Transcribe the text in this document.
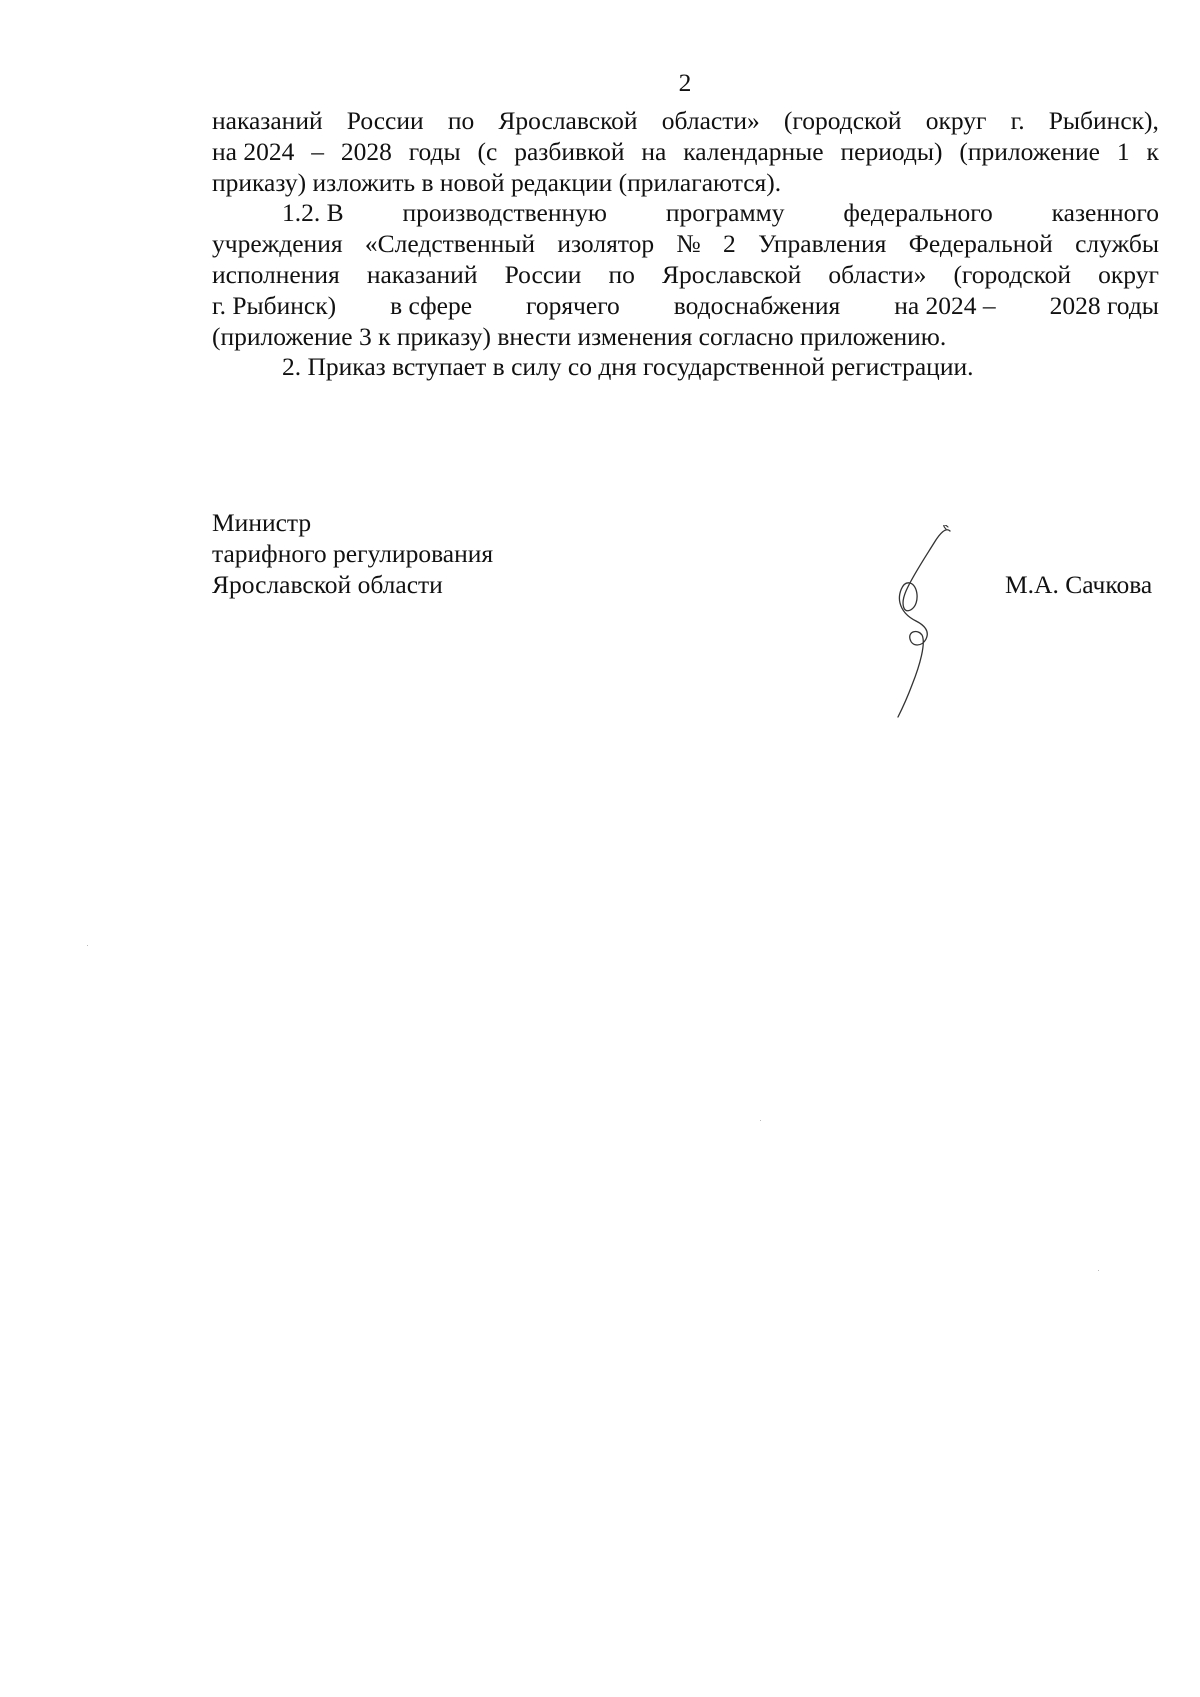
2
наказаний России по Ярославской области» (городской округ г. Рыбинск),
на 2024 – 2028 годы (с разбивкой на календарные периоды) (приложение 1 к
приказу) изложить в новой редакции (прилагаются).
1.2. В производственную программу федерального казенного
учреждения «Следственный изолятор № 2 Управления Федеральной службы
исполнения наказаний России по Ярославской области» (городской округ
г. Рыбинск) в сфере горячего водоснабжения на 2024 – 2028 годы
(приложение 3 к приказу) внести изменения согласно приложению.
2. Приказ вступает в силу со дня государственной регистрации.
Министр
тарифного регулирования
Ярославской области	М.А. Сачкова
